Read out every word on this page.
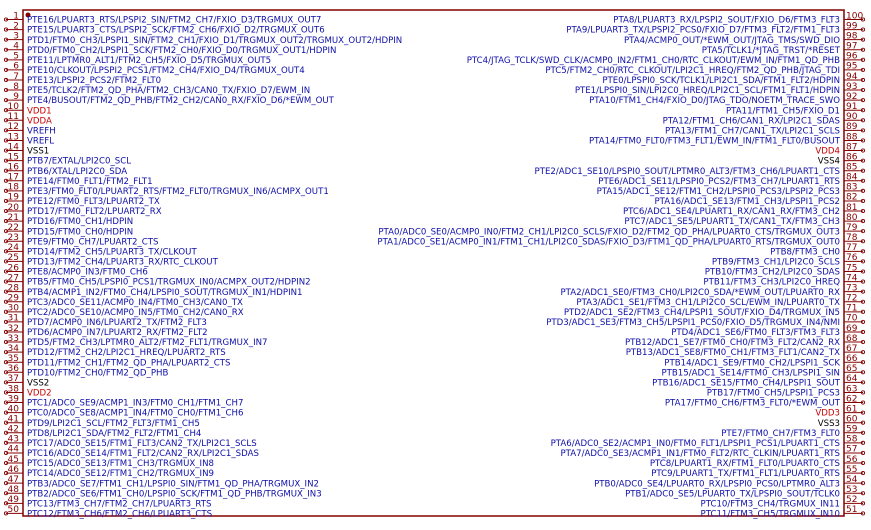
1 PTE16/LPUART3_RTS/LPSPI2_SIN/FTM2_CH7/FXIO_D3/TRGMUX_OUT7
2 PTE15/LPUART3_CTS/LPSPI2_SCK/FTM2_CH6/FXIO_D2/TRGMUX_OUT6
3 PTD1/FTM0_CH3/LPSPI1_SIN/FTM2_CH1/FXIO_D1/TRGMUX_OUT2/TRGMUX_OUT2/HDPIN
4 PTD0/FTM0_CH2/LPSPI1_SCK/FTM2_CH0/FXIO_D0/TRGMUX_OUT1/HDPIN
5 PTE11/LPTMR0_ALT1/FTM2_CH5/FXIO_D5/TRGMUX_OUT5
6 PTE10/CLKOUT/LPSPI2_PCS1/FTM2_CH4/FXIO_D4/TRGMUX_OUT4
7 PTE13/LPSPI2_PCS2/FTM2_FLT0
8 PTE5/TCLK2/FTM2_QD_PHA/FTM2_CH3/CAN0_TX/FXIO_D7/EWM_IN
9 PTE4/BUSOUT/FTM2_QD_PHB/FTM2_CH2/CAN0_RX/FXIO_D6/*EWM_OUT
10 VDD1
11 VDDA
12 VREFH
13 VREFL
14 VSS1
15 PTB7/EXTAL/LPI2C0_SCL
16 PTB6/XTAL/LPI2C0_SDA
17 PTE14/FTM0_FLT1/FTM2_FLT1
18 PTE3/FTM0_FLT0/LPUART2_RTS/FTM2_FLT0/TRGMUX_IN6/ACMPX_OUT1
19 PTE12/FTM0_FLT3/LPUART2_TX
20 PTD17/FTM0_FLT2/LPUART2_RX
21 PTD16/FTM0_CH1/HDPIN
22 PTD15/FTM0_CH0/HDPIN
23 PTE9/FTM0_CH7/LPUART2_CTS
24 PTD14/FTM2_CH5/LPUART3_TX/CLKOUT
25 PTD13/FTM2_CH4/LPUART3_RX/RTC_CLKOUT
26 PTE8/ACMP0_IN3/FTM0_CH6
27 PTB5/FTM0_CH5/LPSPI0_PCS1/TRGMUX_IN0/ACMPX_OUT2/HDPIN2
28 PTB4/ACMP1_IN2/FTM0_CH4/LPSPI0_SOUT/TRGMUX_IN1/HDPIN1
29 PTC3/ADC0_SE11/ACMP0_IN4/FTM0_CH3/CAN0_TX
30 PTC2/ADC0_SE10/ACMP0_IN5/FTM0_CH2/CAN0_RX
31 PTD7/ACMP0_IN6/LPUART2_TX/FTM2_FLT3
32 PTD6/ACMP0_IN7/LPUART2_RX/FTM2_FLT2
33 PTD5/FTM2_CH3/LPTMR0_ALT2/FTM2_FLT1/TRGMUX_IN7
34 PTD12/FTM2_CH2/LPI2C1_HREQ/LPUART2_RTS
35 PTD11/FTM2_CH1/FTM2_QD_PHA/LPUART2_CTS
36 PTD10/FTM2_CH0/FTM2_QD_PHB
37 VSS2
38 VDD2
39 PTC1/ADC0_SE9/ACMP1_IN3/FTM0_CH1/FTM1_CH7
40 PTC0/ADC0_SE8/ACMP1_IN4/FTM0_CH0/FTM1_CH6
41 PTD9/LPI2C1_SCL/FTM2_FLT3/FTM1_CH5
42 PTD8/LPI2C1_SDA/FTM2_FLT2/FTM1_CH4
43 PTC17/ADC0_SE15/FTM1_FLT3/CAN2_TX/LPI2C1_SCLS
44 PTC16/ADC0_SE14/FTM1_FLT2/CAN2_RX/LPI2C1_SDAS
45 PTC15/ADC0_SE13/FTM1_CH3/TRGMUX_IN8
46 PTC14/ADC0_SE12/FTM1_CH2/TRGMUX_IN9
47 PTB3/ADC0_SE7/FTM1_CH1/LPSPI0_SIN/FTM1_QD_PHA/TRGMUX_IN2
48 PTB2/ADC0_SE6/FTM1_CH0/LPSPI0_SCK/FTM1_QD_PHB/TRGMUX_IN3
49 PTC13/FTM3_CH7/FTM2_CH7/LPUART3_RTS
50 PTC12/FTM3_CH6/FTM2_CH6/LPUART3_CTS
100
PTA8/LPUART3_RX/LPSPI2_SOUT/FXIO_D6/FTM3_FLT3
99
PTA9/LPUART3_TX/LPSPI2_PCS0/FXIO_D7/FTM3_FLT2/FTM1_FLT3
98
PTA4/ACMP0_OUT/*EWM_OUT/JTAG_TMS/SWD_DIO
97
PTA5/TCLK1/*JTAG_TRST/*RESET
96
PTC4/JTAG_TCLK/SWD_CLK/ACMP0_IN2/FTM1_CH0/RTC_CLKOUT/EWM_IN/FTM1_QD_PHB
95
PTC5/FTM2_CH0/RTC_CLKOUT/LPI2C1_HREQ/FTM2_QD_PHB/JTAG_TDI
94
PTE0/LPSPI0_SCK/TCLK1/LPI2C1_SDA/FTM1_FLT2/HDPIN
93
PTE1/LPSPI0_SIN/LPI2C0_HREQ/LPI2C1_SCL/FTM1_FLT1/HDPIN
92
PTA10/FTM1_CH4/FXIO_D0/JTAG_TDO/NOETM_TRACE_SWO
91
PTA11/FTM1_CH5/FXIO_D1
90
PTA12/FTM1_CH6/CAN1_RX/LPI2C1_SDAS
89
PTA13/FTM1_CH7/CAN1_TX/LPI2C1_SCLS
88
PTA14/FTM0_FLT0/FTM3_FLT1/EWM_IN/FTM1_FLT0/BUSOUT
87
VDD4
86
VSS4
85
PTE2/ADC1_SE10/LPSPI0_SOUT/LPTMR0_ALT3/FTM3_CH6/LPUART1_CTS
84
PTE6/ADC1_SE11/LPSPI0_PCS2/FTM3_CH7/LPUART1_RTS
83
PTA15/ADC1_SE12/FTM1_CH2/LPSPI0_PCS3/LPSPI2_PCS3
82
PTA16/ADC1_SE13/FTM1_CH3/LPSPI1_PCS2
81
PTC6/ADC1_SE4/LPUART1_RX/CAN1_RX/FTM3_CH2
80
PTC7/ADC1_SE5/LPUART1_TX/CAN1_TX/FTM3_CH3
79
PTA0/ADC0_SE0/ACMP0_IN0/FTM2_CH1/LPI2C0_SCLS/FXIO_D2/FTM2_QD_PHA/LPUART0_CTS/TRGMUX_OUT3
78
PTA1/ADC0_SE1/ACMP0_IN1/FTM1_CH1/LPI2C0_SDAS/FXIO_D3/FTM1_QD_PHA/LPUART0_RTS/TRGMUX_OUT0
77
PTB8/FTM3_CH0
76
PTB9/FTM3_CH1/LPI2C0_SCLS
75
PTB10/FTM3_CH2/LPI2C0_SDAS
74
PTB11/FTM3_CH3/LPI2C0_HREQ
73
PTA2/ADC1_SE0/FTM3_CH0/LPI2C0_SDA/*EWM_OUT/LPUART0_RX
72
PTA3/ADC1_SE1/FTM3_CH1/LPI2C0_SCL/EWM_IN/LPUART0_TX
71
PTD2/ADC1_SE2/FTM3_CH4/LPSPI1_SOUT/FXIO_D4/TRGMUX_IN5
70
PTD3/ADC1_SE3/FTM3_CH5/LPSPI1_PCS0/FXIO_D5/TRGMUX_IN4/NMI
69
PTD4/ADC1_SE6/FTM0_FLT3/FTM3_FLT3
68
PTB12/ADC1_SE7/FTM0_CH0/FTM3_FLT2/CAN2_RX
67
PTB13/ADC1_SE8/FTM0_CH1/FTM3_FLT1/CAN2_TX
66
PTB14/ADC1_SE9/FTM0_CH2/LPSPI1_SCK
65
PTB15/ADC1_SE14/FTM0_CH3/LPSPI1_SIN
64
PTB16/ADC1_SE15/FTM0_CH4/LPSPI1_SOUT
63
PTB17/FTM0_CH5/LPSPI1_PCS3
62
PTA17/FTM0_CH6/FTM3_FLT0/*EWM_OUT
61
VDD3
60
VSS3
59
PTE7/FTM0_CH7/FTM3_FLT0
58
PTA6/ADC0_SE2/ACMP1_IN0/FTM0_FLT1/LPSPI1_PCS1/LPUART1_CTS
57
PTA7/ADC0_SE3/ACMP1_IN1/FTM0_FLT2/RTC_CLKIN/LPUART1_RTS
56
PTC8/LPUART1_RX/FTM1_FLT0/LPUART0_CTS
55
PTC9/LPUART1_TX/FTM1_FLT1/LPUART0_RTS
54
PTB0/ADC0_SE4/LPUART0_RX/LPSPI0_PCS0/LPTMR0_ALT3
53
PTB1/ADC0_SE5/LPUART0_TX/LPSPI0_SOUT/TCLK0
52
PTC10/FTM3_CH4/TRGMUX_IN11
51
PTC11/FTM3_CH5/TRGMUX_IN10
